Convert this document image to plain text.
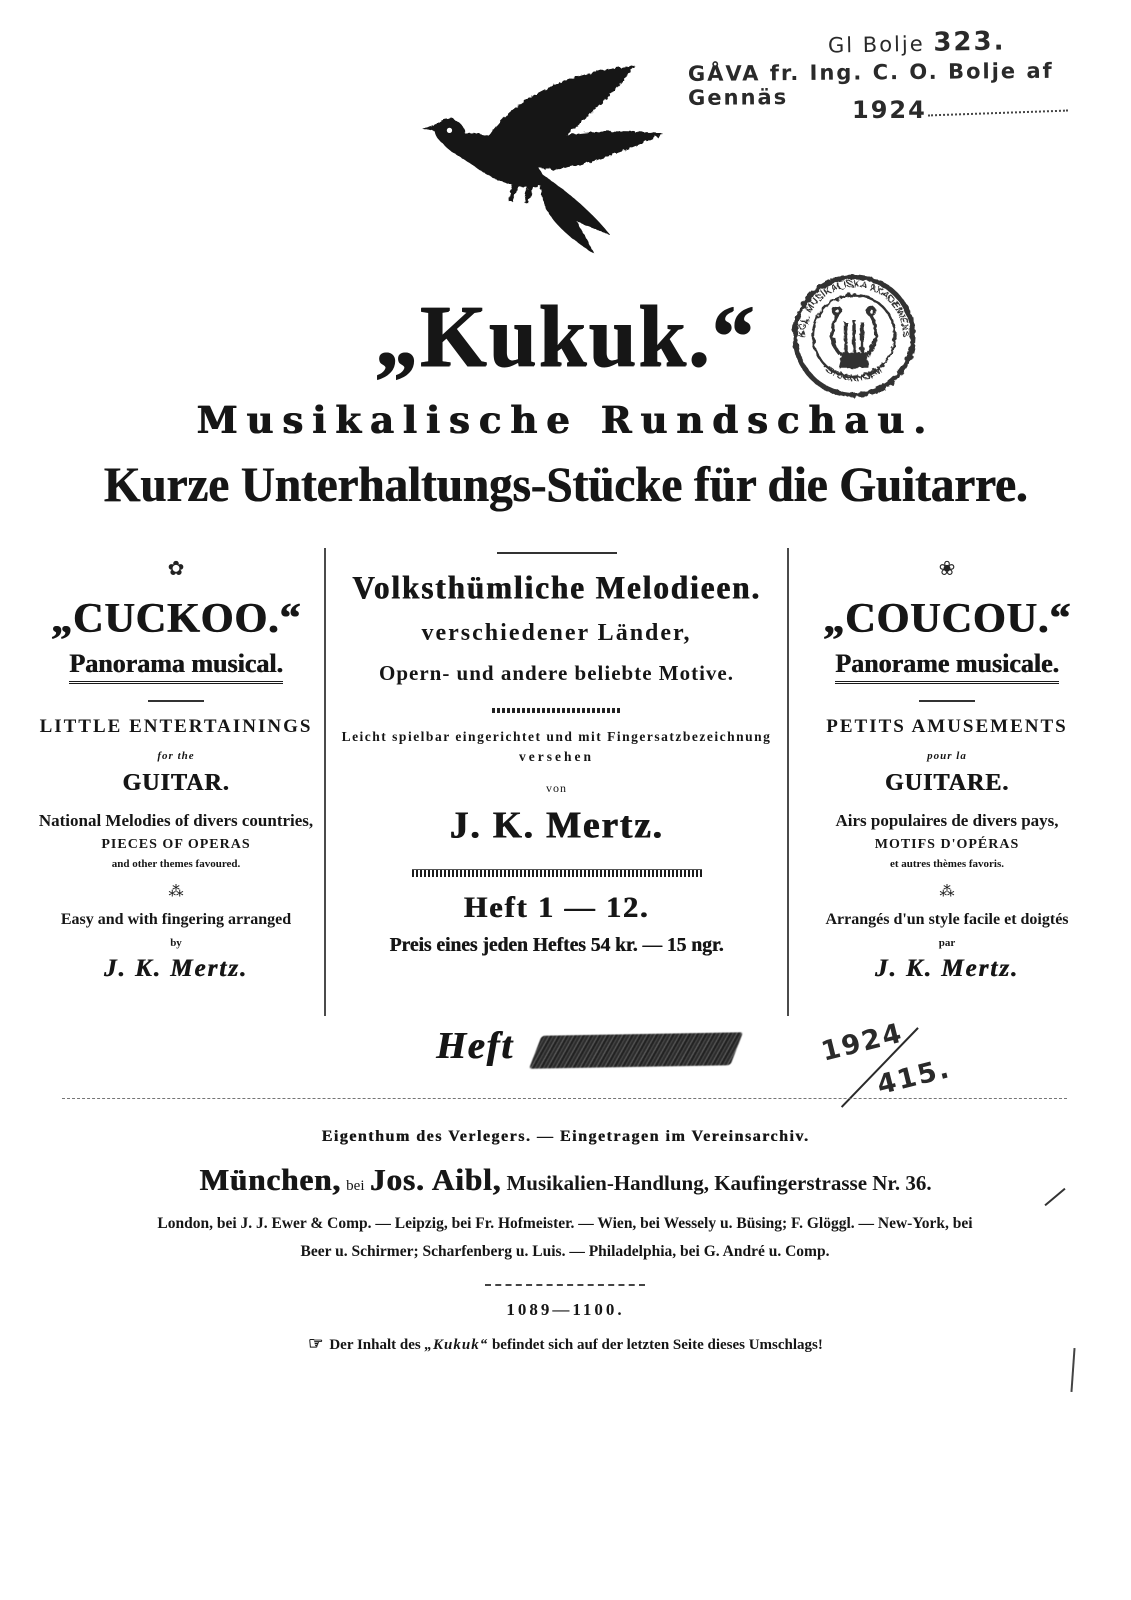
Gl Bolje 323.
GÅVA fr. Ing. C. O. Bolje af Gennäs	1924
„Kukuk.“	KGL. MUSIKALISKA AKADEMIENS
• STOCKHOLM •
Musikalische Rundschau.
Kurze Unterhaltungs-Stücke für die Guitarre.
✿
„CUCKOO.“
Panorama musical.
LITTLE ENTERTAININGS
for the
GUITAR.
National Melodies of divers countries,
PIECES OF OPERAS
and other themes favoured.
⁂
Easy and with fingering arranged
by
J. K. Mertz.
Volksthümliche Melodieen.
verschiedener Länder,
Opern- und andere beliebte Motive.
Leicht spielbar eingerichtet und mit Fingersatzbezeichnung
versehen
von
J. K. Mertz.
Heft 1 — 12.
Preis eines jeden Heftes 54 kr. — 15 ngr.
❀
„COUCOU.“
Panorame musicale.
PETITS AMUSEMENTS
pour la
GUITARE.
Airs populaires de divers pays,
MOTIFS D'OPÉRAS
et autres thèmes favoris.
⁂
Arrangés d'un style facile et doigtés
par
J. K. Mertz.
Heft	1924
415.
Eigenthum des Verlegers. — Eingetragen im Vereinsarchiv.
München, bei Jos. Aibl, Musikalien-Handlung, Kaufingerstrasse Nr. 36.
London, bei J. J. Ewer & Comp. — Leipzig, bei Fr. Hofmeister. — Wien, bei Wessely u. Büsing; F. Glöggl. — New-York, bei
Beer u. Schirmer; Scharfenberg u. Luis. — Philadelphia, bei G. André u. Comp.
1089—1100.
☞ Der Inhalt des „Kukuk“ befindet sich auf der letzten Seite dieses Umschlags!
